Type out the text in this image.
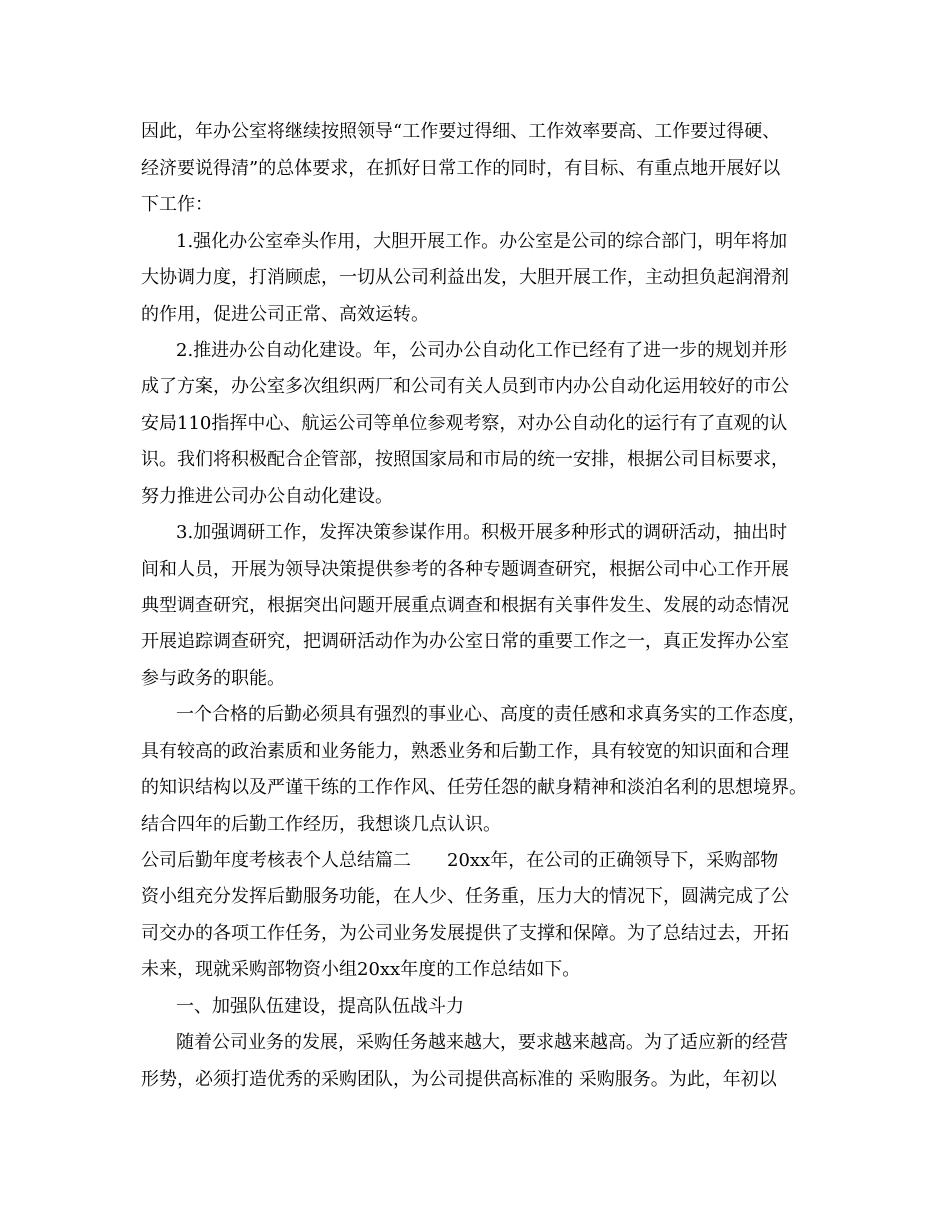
因此，年办公室将继续按照领导“工作要过得细、工作效率要高、工作要过得硬、
经济要说得清”的总体要求，在抓好日常工作的同时，有目标、有重点地开展好以
下工作：
1.强化办公室牵头作用，大胆开展工作。办公室是公司的综合部门，明年将加
大协调力度，打消顾虑，一切从公司利益出发，大胆开展工作，主动担负起润滑剂
的作用，促进公司正常、高效运转。
2.推进办公自动化建设。年，公司办公自动化工作已经有了进一步的规划并形
成了方案，办公室多次组织两厂和公司有关人员到市内办公自动化运用较好的市公
安局110指挥中心、航运公司等单位参观考察，对办公自动化的运行有了直观的认
识。我们将积极配合企管部，按照国家局和市局的统一安排，根据公司目标要求，
努力推进公司办公自动化建设。
3.加强调研工作，发挥决策参谋作用。积极开展多种形式的调研活动，抽出时
间和人员，开展为领导决策提供参考的各种专题调查研究，根据公司中心工作开展
典型调查研究，根据突出问题开展重点调查和根据有关事件发生、发展的动态情况
开展追踪调查研究，把调研活动作为办公室日常的重要工作之一，真正发挥办公室
参与政务的职能。
一个合格的后勤必须具有强烈的事业心、高度的责任感和求真务实的工作态度，
具有较高的政治素质和业务能力，熟悉业务和后勤工作，具有较宽的知识面和合理
的知识结构以及严谨干练的工作作风、任劳任怨的献身精神和淡泊名利的思想境界。
结合四年的后勤工作经历，我想谈几点认识。
公司后勤年度考核表个人总结篇二　　20xx年，在公司的正确领导下，采购部物
资小组充分发挥后勤服务功能，在人少、任务重，压力大的情况下，圆满完成了公
司交办的各项工作任务，为公司业务发展提供了支撑和保障。为了总结过去，开拓
未来，现就采购部物资小组20xx年度的工作总结如下。
一、加强队伍建设，提高队伍战斗力
随着公司业务的发展，采购任务越来越大，要求越来越高。为了适应新的经营
形势，必须打造优秀的采购团队，为公司提供高标准的 采购服务。为此，年初以
